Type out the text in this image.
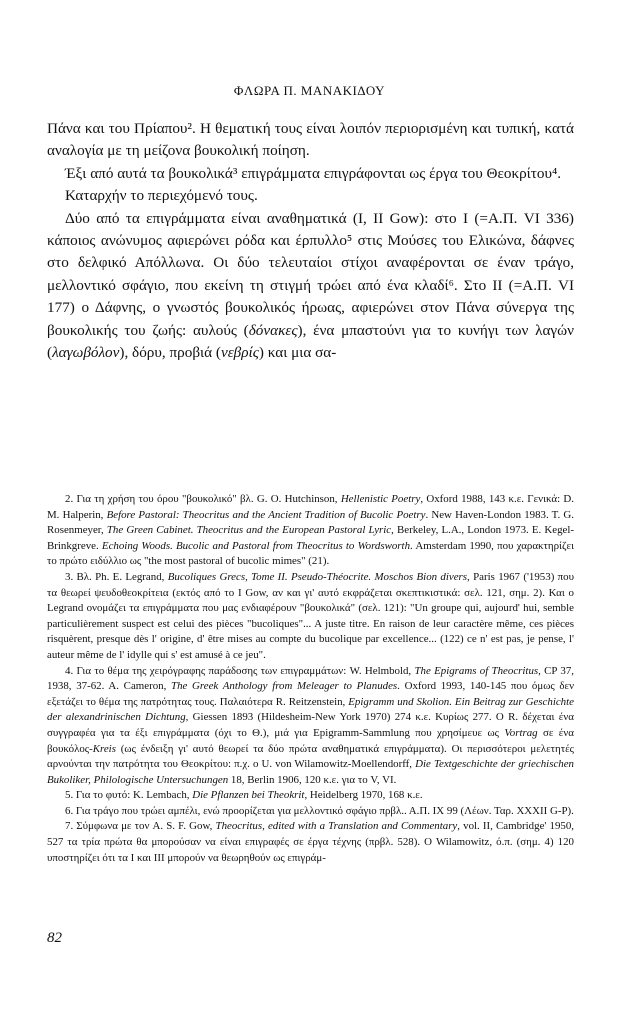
ΦΛΩΡΑ Π. ΜΑΝΑΚΙΔΟΥ

Πάνα και του Πρίαπου². Η θεματική τους είναι λοιπόν περιορισμένη και τυπική, κατά αναλογία με τη μείζονα βουκολική ποίηση.

Έξι από αυτά τα βουκολικά³ επιγράμματα επιγράφονται ως έργα του Θεοκρίτου⁴.

Καταρχήν το περιεχόμενό τους.

Δύο από τα επιγράμματα είναι αναθηματικά (Ι, ΙΙ Gow): στο Ι (=Α.Π. VI 336) κάποιος ανώνυμος αφιερώνει ρόδα και έρπυλλο⁵ στις Μούσες του Ελικώνα, δάφνες στο δελφικό Απόλλωνα. Οι δύο τελευταίοι στίχοι αναφέρονται σε έναν τράγο, μελλοντικό σφάγιο, που εκείνη τη στιγμή τρώει από ένα κλαδί⁶. Στο ΙΙ (=Α.Π. VI 177) ο Δάφνης, ο γνωστός βουκολικός ήρωας, αφιερώνει στον Πάνα σύνεργα της βουκολικής του ζωής: αυλούς (δόνακες), ένα μπαστούνι για το κυνήγι των λαγών (λαγωβόλον), δόρυ, προβιά (νεβρίς) και μια σα-

2. Για τη χρήση του όρου "βουκολικό" βλ. G. O. Hutchinson, Hellenistic Poetry, Oxford 1988, 143 κ.ε. Γενικά: D. M. Halperin, Before Pastoral: Theocritus and the Ancient Tradition of Bucolic Poetry. New Haven-London 1983. T. G. Rosenmeyer, The Green Cabinet. Theocritus and the European Pastoral Lyric, Berkeley, L.A., London 1973. E. Kegel-Brinkgreve. Echoing Woods. Bucolic and Pastoral from Theocritus to Wordsworth. Amsterdam 1990, που χαρακτηρίζει το πρώτο ειδύλλιο ως "the most pastoral of bucolic mimes" (21).

3. Βλ. Ph. E. Legrand, Bucoliques Grecs, Tome II. Pseudo-Théocrite. Moschos Bion divers, Paris 1967 ('1953) που τα θεωρεί ψευδοθεοκρίτεια (εκτός από το Ι Gow, αν και γι' αυτό εκφράζεται σκεπτικιστικά: σελ. 121, σημ. 2). Και ο Legrand ονομάζει τα επιγράμματα που μας ενδιαφέρουν "βουκολικά" (σελ. 121): "Un groupe qui, aujourd' hui, semble particulièrement suspect est celui des pièces "bucoliques"... A juste titre. En raison de leur caractère même, ces pièces risquèrent, presque dès l' origine, d' être mises au compte du bucolique par excellence... (122) ce n' est pas, je pense, l' auteur même de l' idylle qui s' est amusé à ce jeu".

4. Για το θέμα της χειρόγραφης παράδοσης των επιγραμμάτων: W. Helmbold, The Epigrams of Theocritus, CP 37, 1938, 37-62. A. Cameron, The Greek Anthology from Meleager to Planudes. Oxford 1993, 140-145 που όμως δεν εξετάζει το θέμα της πατρότητας τους. Παλαιότερα R. Reitzenstein, Epigramm und Skolion. Ein Beitrag zur Geschichte der alexandrinischen Dichtung, Giessen 1893 (Hildesheim-New York 1970) 274 κ.ε. Κυρίως 277. Ο R. δέχεται ένα συγγραφέα για τα έξι επιγράμματα (όχι το Θ.), μιά για Epigramm-Sammlung που χρησίμευε ως Vortrag σε ένα βουκόλος-Kreis (ως ένδειξη γι' αυτό θεωρεί τα δύο πρώτα αναθηματικά επιγράμματα). Οι περισσότεροι μελετητές αρνούνται την πατρότητα του Θεοκρίτου: π.χ. ο U. von Wilamowitz-Moellendorff, Die Textgeschichte der griechischen Bukoliker, Philologische Untersuchungen 18, Berlin 1906, 120 κ.ε. για το V, VI.

5. Για το φυτό: K. Lembach, Die Pflanzen bei Theokrit, Heidelberg 1970, 168 κ.ε.

6. Για τράγο που τρώει αμπέλι, ενώ προορίζεται για μελλοντικό σφάγιο πρβλ.. Α.Π. IX 99 (Λέων. Ταρ. XXXII G-P).

7. Σύμφωνα με τον A. S. F. Gow, Theocritus, edited with a Translation and Commentary, vol. II, Cambridge' 1950, 527 τα τρία πρώτα θα μπορούσαν να είναι επιγραφές σε έργα τέχνης (πρβλ. 528). O Wilamowitz, ό.π. (σημ. 4) 120 υποστηρίζει ότι τα Ι και ΙΙΙ μπορούν να θεωρηθούν ως επιγράμ-

82
